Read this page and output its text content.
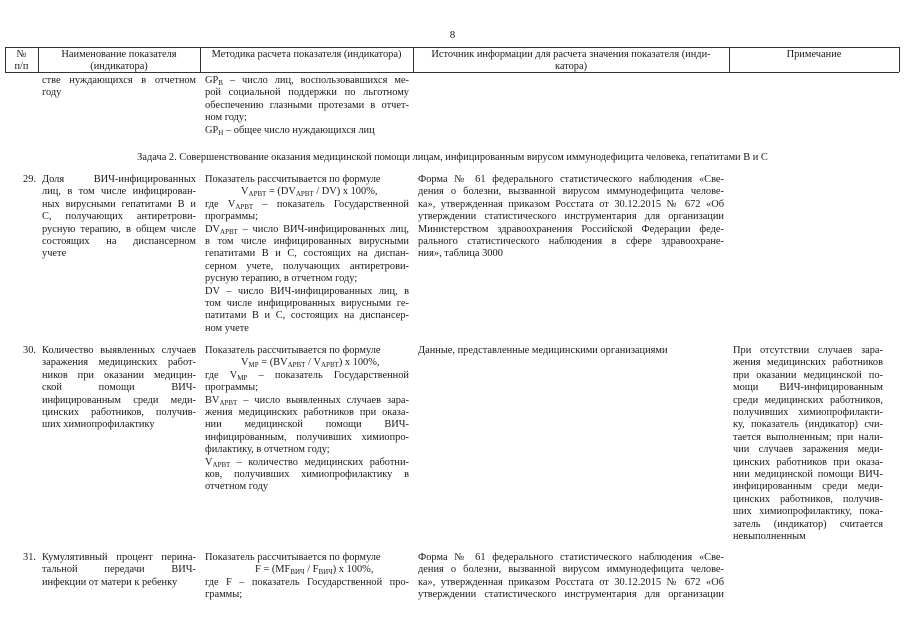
8
№
п/п
Наименование показателя
(индикатора)
Методика расчета показателя (индикатора)	Источник информации для расчета значения показателя (инди-
катора)
Примечание
стве нуждающихся в отчетном
году
$GP_B$ – число лиц, воспользовавшихся ме-
рой социальной поддержки по льготному
обеспечению глазными протезами в отчет-
ном году;
$GP_Н$ – общее число нуждающихся лиц
Задача 2. Совершенствование оказания медицинской помощи лицам, инфицированным вирусом иммунодефицита человека, гепатитами B и C
29. Доля ВИЧ-инфицированных
лиц, в том числе инфицирован-
ных вирусными гепатитами B и
C, получающих антиретрови-
русную терапию, в общем числе
состоящих на диспансерном
учете
Показатель рассчитывается по формуле
$V_{АРВТ} = (DV_{АРВТ} / DV)$ x 100%,
где $V_{АРВТ}$ – показатель Государственной
программы;
$DV_{АРВТ}$ – число ВИЧ-инфицированных лиц,
в том числе инфицированных вирусными
гепатитами B и C, состоящих на диспан-
серном учете, получающих антиретрови-
русную терапию, в отчетном году;
DV – число ВИЧ-инфицированных лиц, в
том числе инфицированных вирусными ге-
патитами B и C, состоящих на диспансер-
ном учете
Форма № 61 федерального статистического наблюдения «Све-
дения о болезни, вызванной вирусом иммунодефицита челове-
ка», утвержденная приказом Росстата от 30.12.2015 № 672 «Об
утверждении статистического инструментария для организации
Министерством здравоохранения Российской Федерации феде-
рального статистического наблюдения в сфере здравоохране-
ния», таблица 3000
30. Количество выявленных случаев
заражения медицинских работ-
ников при оказании медицин-
ской помощи ВИЧ-
инфицированным среди меди-
цинских работников, получив-
ших химиопрофилактику
Показатель рассчитывается по формуле
$V_{МР} = (BV_{АРВТ} / V_{АРВТ})$ x 100%,
где $V_{МР}$ – показатель Государственной
программы;
$BV_{АРВТ}$ – число выявленных случаев зара-
жения медицинских работников при оказа-
нии медицинской помощи ВИЧ-
инфицированным, получивших химиопро-
филактику, в отчетном году;
$V_{АРВТ}$ – количество медицинских работни-
ков, получивших химиопрофилактику в
отчетном году
Данные, представленные медицинскими организациями	При отсутствии случаев зара-
жения медицинских работников
при оказании медицинской по-
мощи ВИЧ-инфицированным
среди медицинских работников,
получивших химиопрофилакти-
ку, показатель (индикатор) счи-
тается выполненным; при нали-
чии случаев заражения меди-
цинских работников при оказа-
нии медицинской помощи ВИЧ-
инфицированным среди меди-
цинских работников, получив-
ших химиопрофилактику, пока-
затель (индикатор) считается
невыполненным
31. Кумулятивный процент перина-
тальной передачи ВИЧ-
инфекции от матери к ребенку
Показатель рассчитывается по формуле
$F = (MF_{ВИЧ} / F_{ВИЧ})$ x 100%,
где F – показатель Государственной про-
граммы;
Форма № 61 федерального статистического наблюдения «Све-
дения о болезни, вызванной вирусом иммунодефицита челове-
ка», утвержденная приказом Росстата от 30.12.2015 № 672 «Об
утверждении статистического инструментария для организации
